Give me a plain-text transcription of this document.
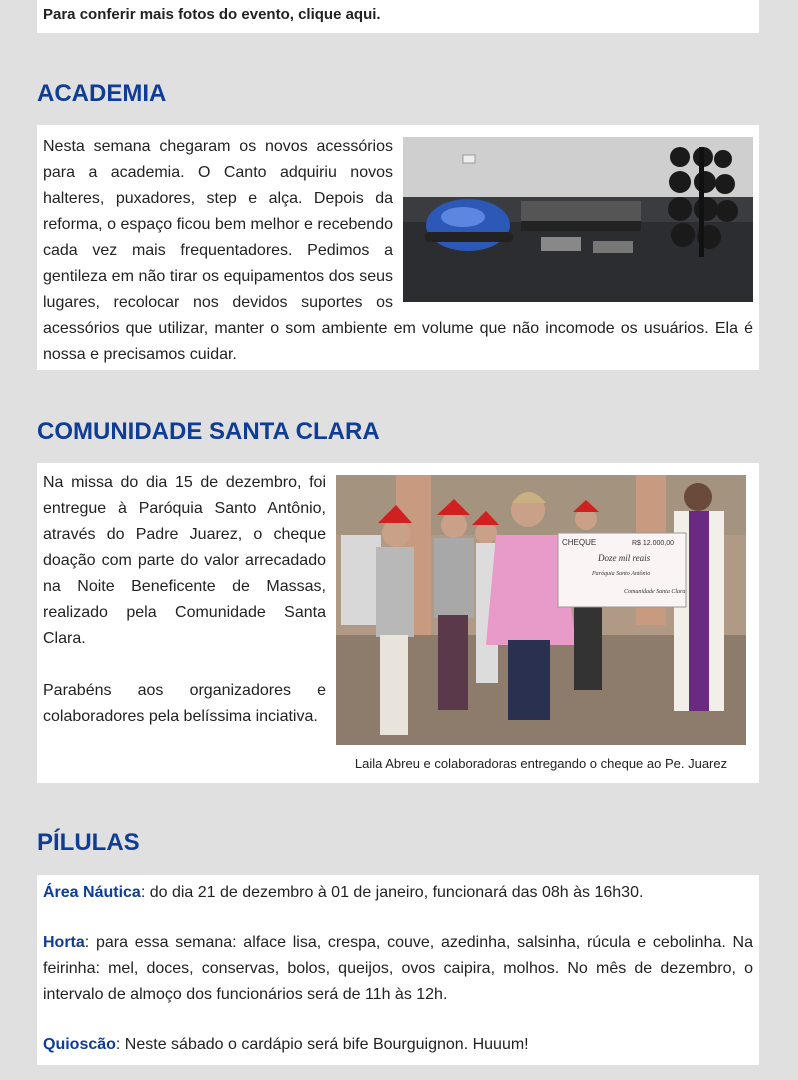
Para conferir mais fotos do evento, clique aqui.
ACADEMIA

Nesta semana chegaram os novos acessórios para a academia. O Canto adquiriu novos halteres, puxadores, step e alça. Depois da reforma, o espaço ficou bem melhor e recebendo cada vez mais frequentadores. Pedimos a gentileza em não tirar os equipamentos dos seus lugares, recolocar nos devidos suportes os acessórios que utilizar, manter o som ambiente em volume que não incomode os usuários. Ela é nossa e precisamos cuidar.

COMUNIDADE SANTA CLARA
CHEQUE	R$ 12.000,00
Doze mil reais
Paróquia Santo Antônio
Comunidade Santa Clara
Laila Abreu e colaboradoras entregando o cheque ao Pe. Juarez

Na missa do dia 15 de dezembro, foi entregue à Paróquia Santo Antônio, através do Padre Juarez, o cheque doação com parte do valor arrecadado na Noite Beneficente de Massas, realizado pela Comunidade Santa Clara.

Parabéns aos organizadores e colaboradores pela belíssima inciativa.

PÍLULAS

Área Náutica: do dia 21 de dezembro à 01 de janeiro, funcionará das 08h às 16h30.

Horta: para essa semana: alface lisa, crespa, couve, azedinha, salsinha, rúcula e cebolinha. Na feirinha: mel, doces, conservas, bolos, queijos, ovos caipira, molhos. No mês de dezembro, o intervalo de almoço dos funcionários será de 11h às 12h.

Quioscão: Neste sábado o cardápio será bife Bourguignon. Huuum!
